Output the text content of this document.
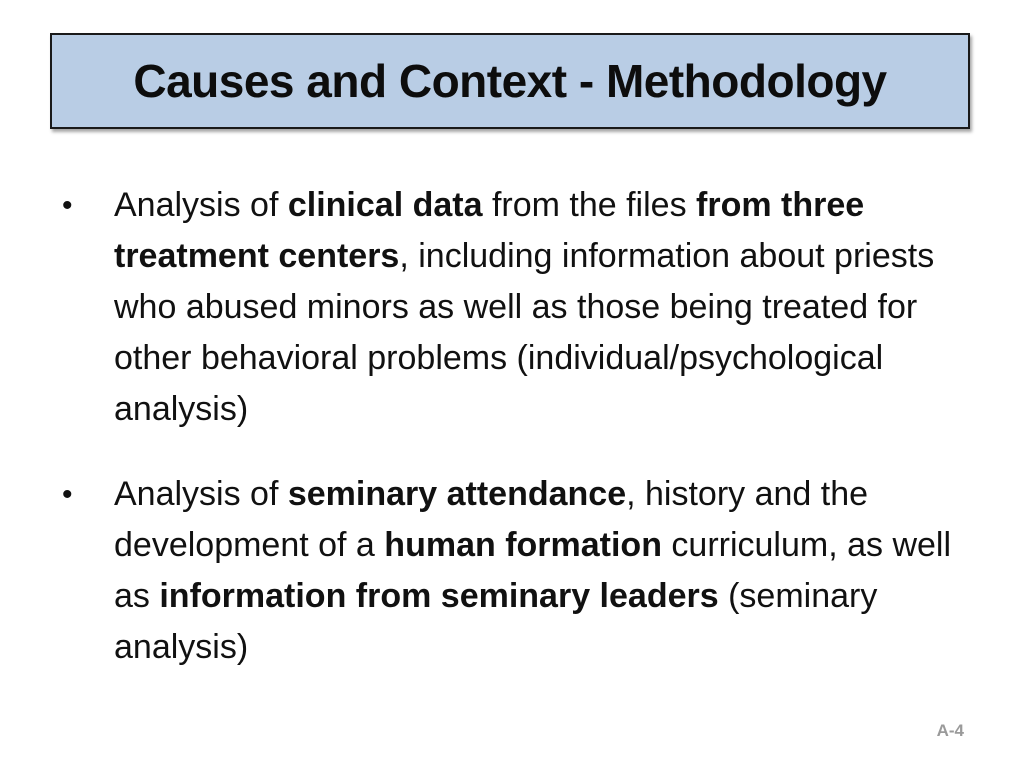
Causes and Context - Methodology
• Analysis of clinical data from the files from three treatment centers, including information about priests who abused minors as well as those being treated for other behavioral problems (individual/psychological analysis)
• Analysis of seminary attendance, history and the development of a human formation curriculum, as well as information from seminary leaders (seminary analysis)
A-4
